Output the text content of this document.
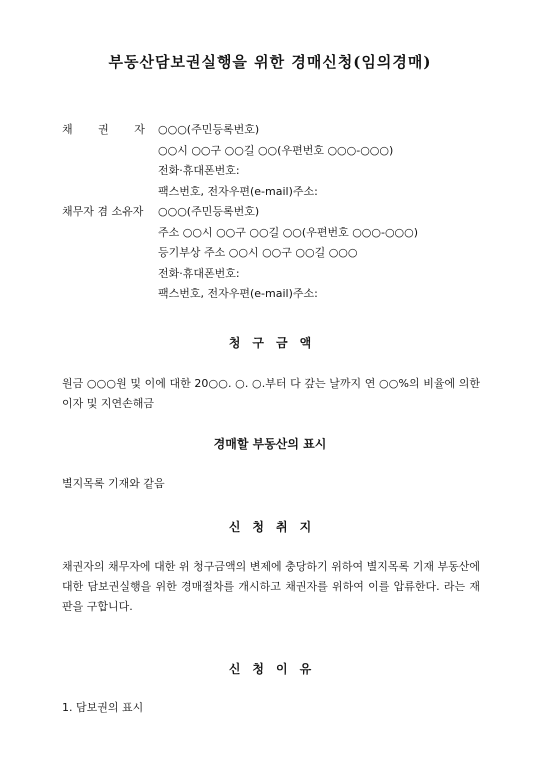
부동산담보권실행을 위한 경매신청(임의경매)
채 권 자 ○○○(주민등록번호)
○○시 ○○구 ○○길 ○○(우편번호 ○○○-○○○)
전화·휴대폰번호:
팩스번호, 전자우편(e-mail)주소:
채무자 겸 소유자 ○○○(주민등록번호)
주소 ○○시 ○○구 ○○길 ○○(우편번호 ○○○-○○○)
등기부상 주소 ○○시 ○○구 ○○길 ○○○
전화·휴대폰번호:
팩스번호, 전자우편(e-mail)주소:
청구금액
원금 ○○○원 및 이에 대한 20○○. ○. ○.부터 다 갚는 날까지 연 ○○%의 비율에 의한 이자 및 지연손해금
경매할 부동산의 표시
별지목록 기재와 같음
신청취지
채권자의 채무자에 대한 위 청구금액의 변제에 충당하기 위하여 별지목록 기재 부동산에 대한 담보권실행을 위한 경매절차를 개시하고 채권자를 위하여 이를 압류한다. 라는 재판을 구합니다.
신청이유
1. 담보권의 표시
